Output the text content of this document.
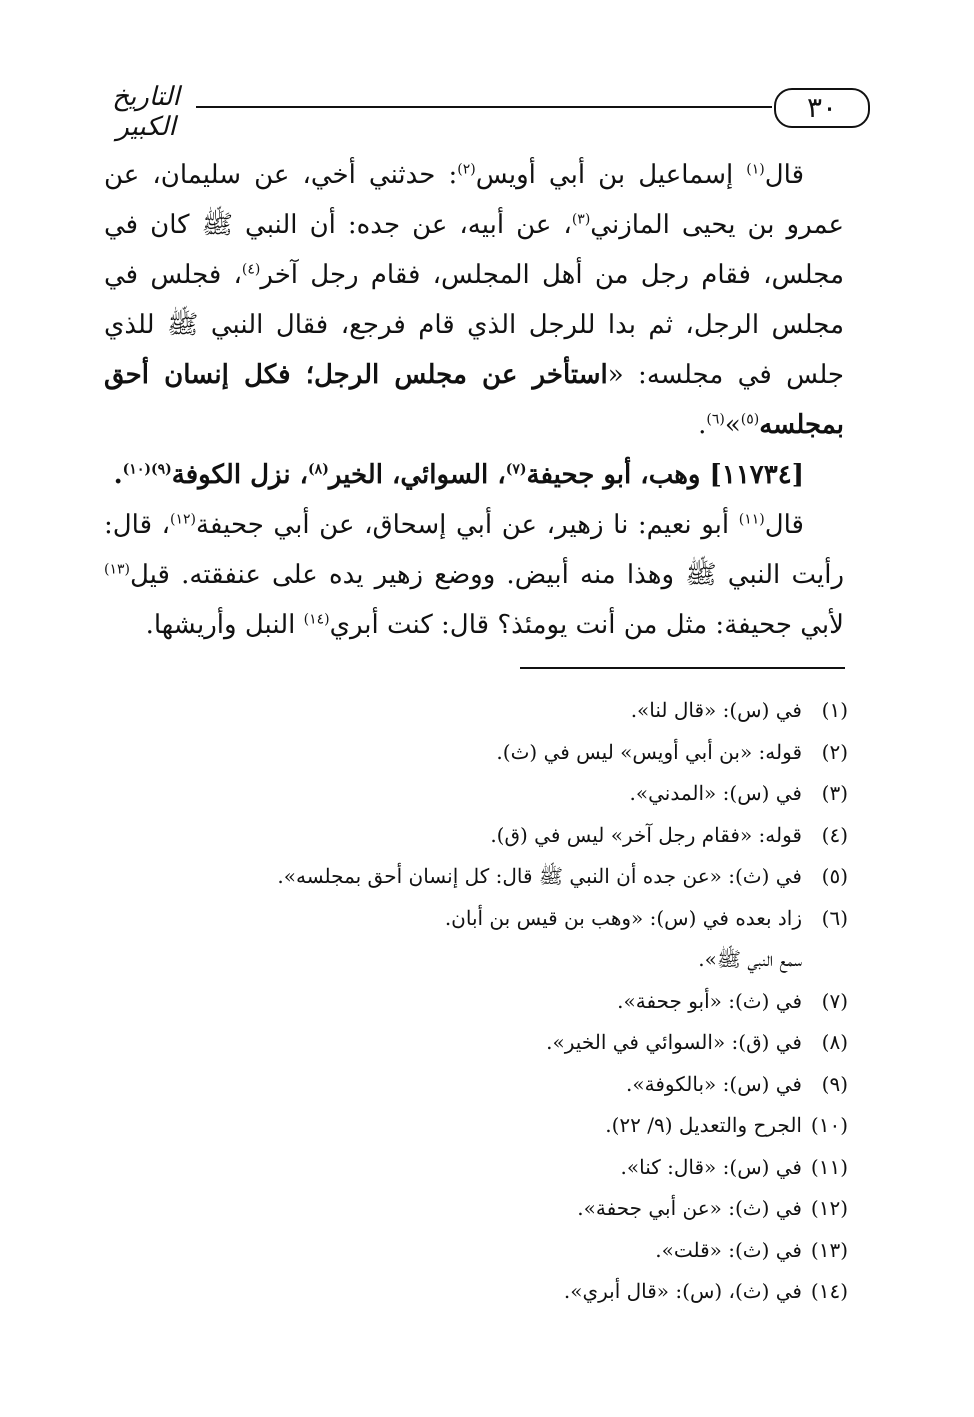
٣٠
التاريخ الكبير

قال$^{(١)}$ إسماعيل بن أبي أويس$^{(٢)}$: حدثني أخي، عن سليمان، عن عمرو بن يحيى المازني$^{(٣)}$، عن أبيه، عن جده: أن النبي ﷺ كان في مجلس، فقام رجل من أهل المجلس، فقام رجل آخر$^{(٤)}$، فجلس في مجلس الرجل، ثم بدا للرجل الذي قام فرجع، فقال النبي ﷺ للذي جلس في مجلسه: «استأخر عن مجلس الرجل؛ فكل إنسان أحق بمجلسه$^{(٥)}$»$^{(٦)}$.

[١١٧٣٤] وهب، أبو جحيفة$^{(٧)}$، السوائي، الخير$^{(٨)}$، نزل الكوفة$^{(٩)(١٠)}$.

قال$^{(١١)}$ أبو نعيم: نا زهير، عن أبي إسحاق، عن أبي جحيفة$^{(١٢)}$، قال: رأيت النبي ﷺ وهذا منه أبيض. ووضع زهير يده على عنفقته. قيل$^{(١٣)}$ لأبي جحيفة: مثل من أنت يومئذ؟ قال: كنت أبري$^{(١٤)}$ النبل وأريشها.

(١)في (س): «قال لنا».
(٢)قوله: «بن أبي أويس» ليس في (ث).
(٣)في (س): «المدني».
(٤)قوله: «فقام رجل آخر» ليس في (ق).
(٥)في (ث): «عن جده أن النبي ﷺ قال: كل إنسان أحق بمجلسه».
(٦)زاد بعده في (س): «وهب بن قيس بن أبان.
سمع النبي ﷺ».
(٧)في (ث): «أبو جحفة».
(٨)في (ق): «السوائي في الخير».
(٩)في (س): «بالكوفة».
(١٠)الجرح والتعديل (٩/ ٢٢).
(١١)في (س): «قال: كنا».
(١٢)في (ث): «عن أبي جحفة».
(١٣)في (ث): «قلت».
(١٤)في (ث)، (س): «قال أبري».
